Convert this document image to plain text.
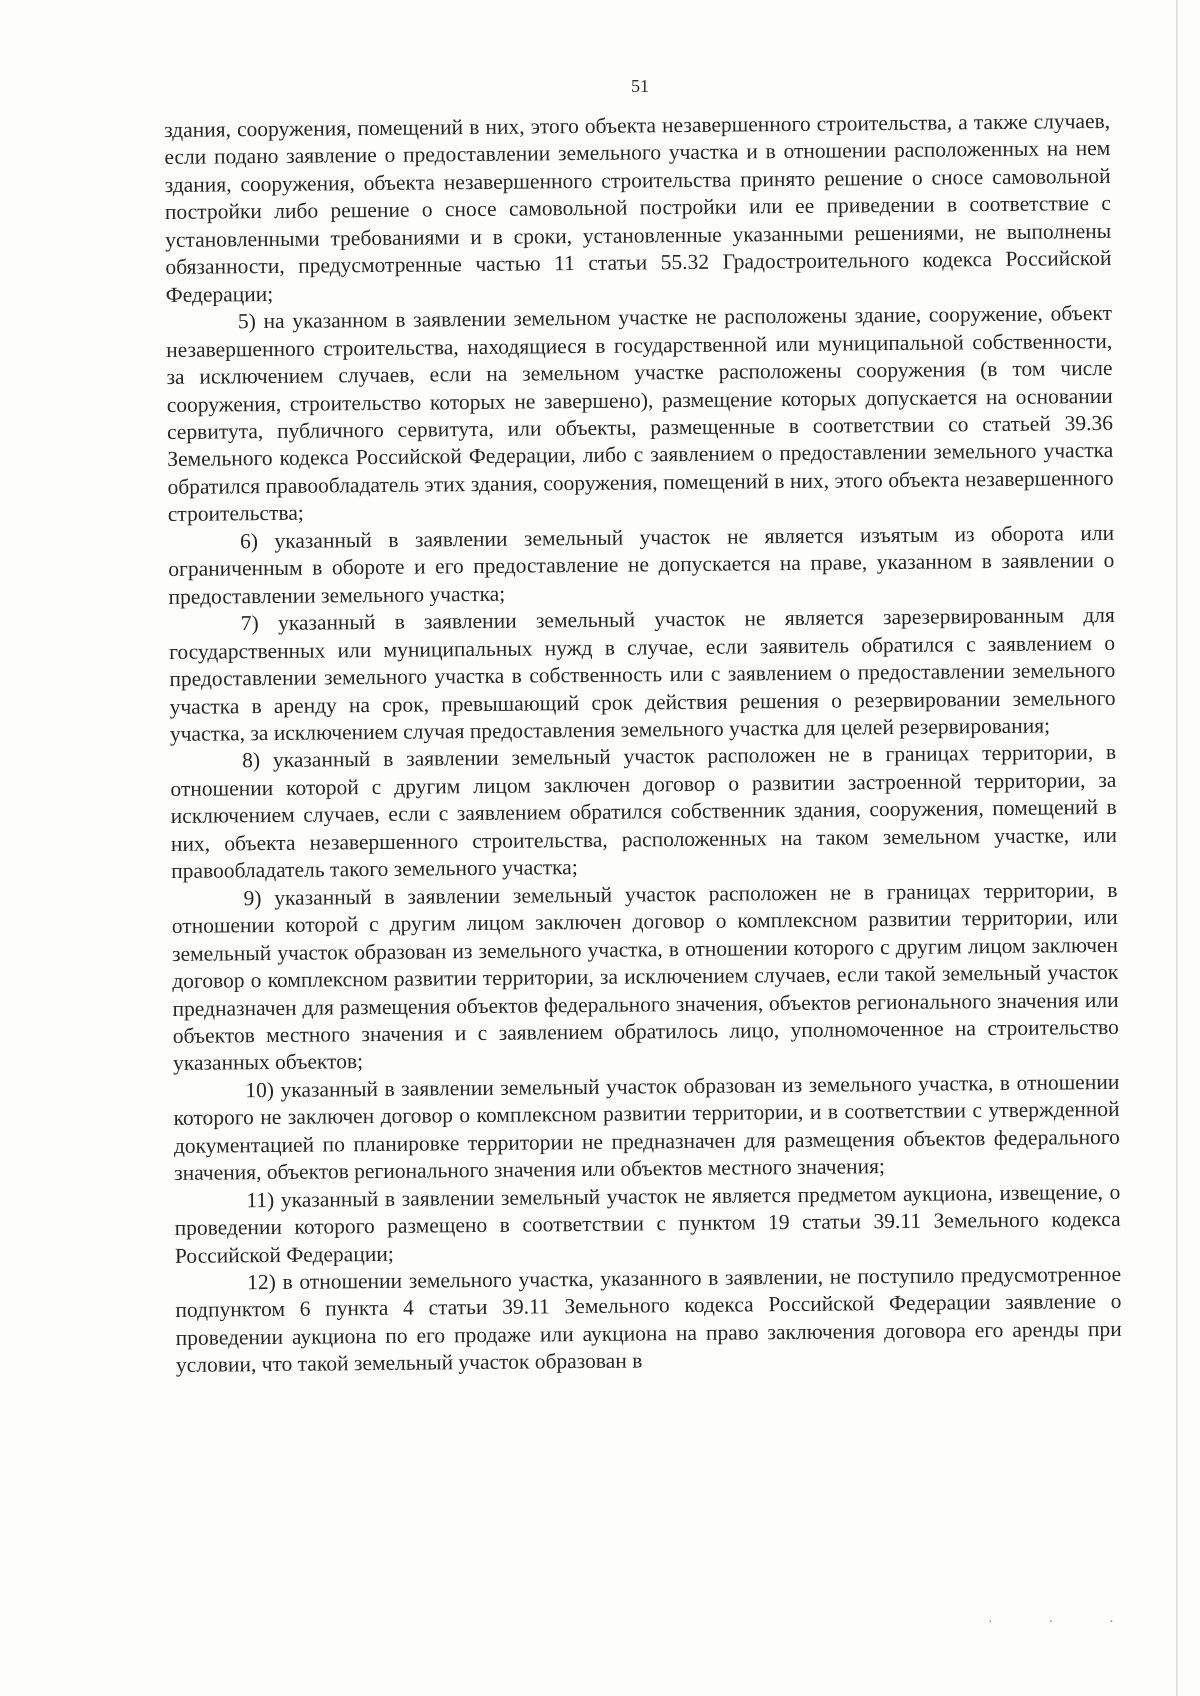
51

здания, сооружения, помещений в них, этого объекта незавершенного строительства, а также случаев, если подано заявление о предоставлении земельного участка и в отношении расположенных на нем здания, сооружения, объекта незавершенного строительства принято решение о сносе самовольной постройки либо решение о сносе самовольной постройки или ее приведении в соответствие с установленными требованиями и в сроки, установленные указанными решениями, не выполнены обязанности, предусмотренные частью 11 статьи 55.32 Градостроительного кодекса Российской Федерации;

5) на указанном в заявлении земельном участке не расположены здание, сооружение, объект незавершенного строительства, находящиеся в государственной или муниципальной собственности, за исключением случаев, если на земельном участке расположены сооружения (в том числе сооружения, строительство которых не завершено), размещение которых допускается на основании сервитута, публичного сервитута, или объекты, размещенные в соответствии со статьей 39.36 Земельного кодекса Российской Федерации, либо с заявлением о предоставлении земельного участка обратился правообладатель этих здания, сооружения, помещений в них, этого объекта незавершенного строительства;

6) указанный в заявлении земельный участок не является изъятым из оборота или ограниченным в обороте и его предоставление не допускается на праве, указанном в заявлении о предоставлении земельного участка;

7) указанный в заявлении земельный участок не является зарезервированным для государственных или муниципальных нужд в случае, если заявитель обратился с заявлением о предоставлении земельного участка в собственность или с заявлением о предоставлении земельного участка в аренду на срок, превышающий срок действия решения о резервировании земельного участка, за исключением случая предоставления земельного участка для целей резервирования;

8) указанный в заявлении земельный участок расположен не в границах территории, в отношении которой с другим лицом заключен договор о развитии застроенной территории, за исключением случаев, если с заявлением обратился собственник здания, сооружения, помещений в них, объекта незавершенного строительства, расположенных на таком земельном участке, или правообладатель такого земельного участка;

9) указанный в заявлении земельный участок расположен не в границах территории, в отношении которой с другим лицом заключен договор о комплексном развитии территории, или земельный участок образован из земельного участка, в отношении которого с другим лицом заключен договор о комплексном развитии территории, за исключением случаев, если такой земельный участок предназначен для размещения объектов федерального значения, объектов регионального значения или объектов местного значения и с заявлением обратилось лицо, уполномоченное на строительство указанных объектов;

10) указанный в заявлении земельный участок образован из земельного участка, в отношении которого не заключен договор о комплексном развитии территории, и в соответствии с утвержденной документацией по планировке территории не предназначен для размещения объектов федерального значения, объектов регионального значения или объектов местного значения;

11) указанный в заявлении земельный участок не является предметом аукциона, извещение, о проведении которого размещено в соответствии с пунктом 19 статьи 39.11 Земельного кодекса Российской Федерации;

12) в отношении земельного участка, указанного в заявлении, не поступило предусмотренное подпунктом 6 пункта 4 статьи 39.11 Земельного кодекса Российской Федерации заявление о проведении аукциона по его продаже или аукциона на право заключения договора его аренды при условии, что такой земельный участок образован в

· · ·
